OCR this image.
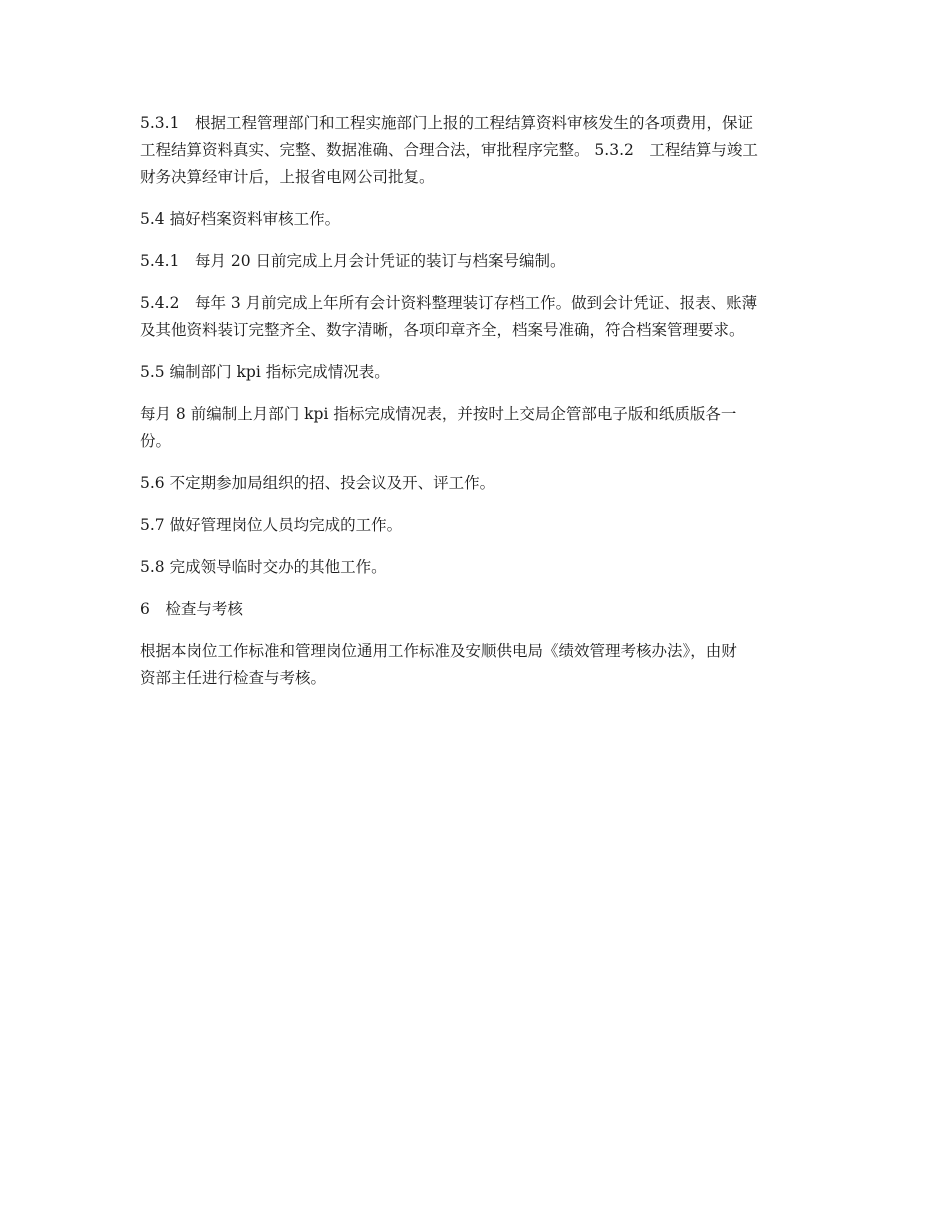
5.3.1　根据工程管理部门和工程实施部门上报的工程结算资料审核发生的各项费用，保证
工程结算资料真实、完整、数据准确、合理合法，审批程序完整。 5.3.2　工程结算与竣工
财务决算经审计后，上报省电网公司批复。

5.4 搞好档案资料审核工作。

5.4.1　每月 20 日前完成上月会计凭证的装订与档案号编制。

5.4.2　每年 3 月前完成上年所有会计资料整理装订存档工作。做到会计凭证、报表、账薄
及其他资料装订完整齐全、数字清晰，各项印章齐全，档案号准确，符合档案管理要求。

5.5 编制部门 kpi 指标完成情况表。

每月 8 前编制上月部门 kpi 指标完成情况表，并按时上交局企管部电子版和纸质版各一
份。

5.6 不定期参加局组织的招、投会议及开、评工作。

5.7 做好管理岗位人员均完成的工作。

5.8 完成领导临时交办的其他工作。

6　检查与考核

根据本岗位工作标准和管理岗位通用工作标准及安顺供电局《绩效管理考核办法》，由财
资部主任进行检查与考核。
